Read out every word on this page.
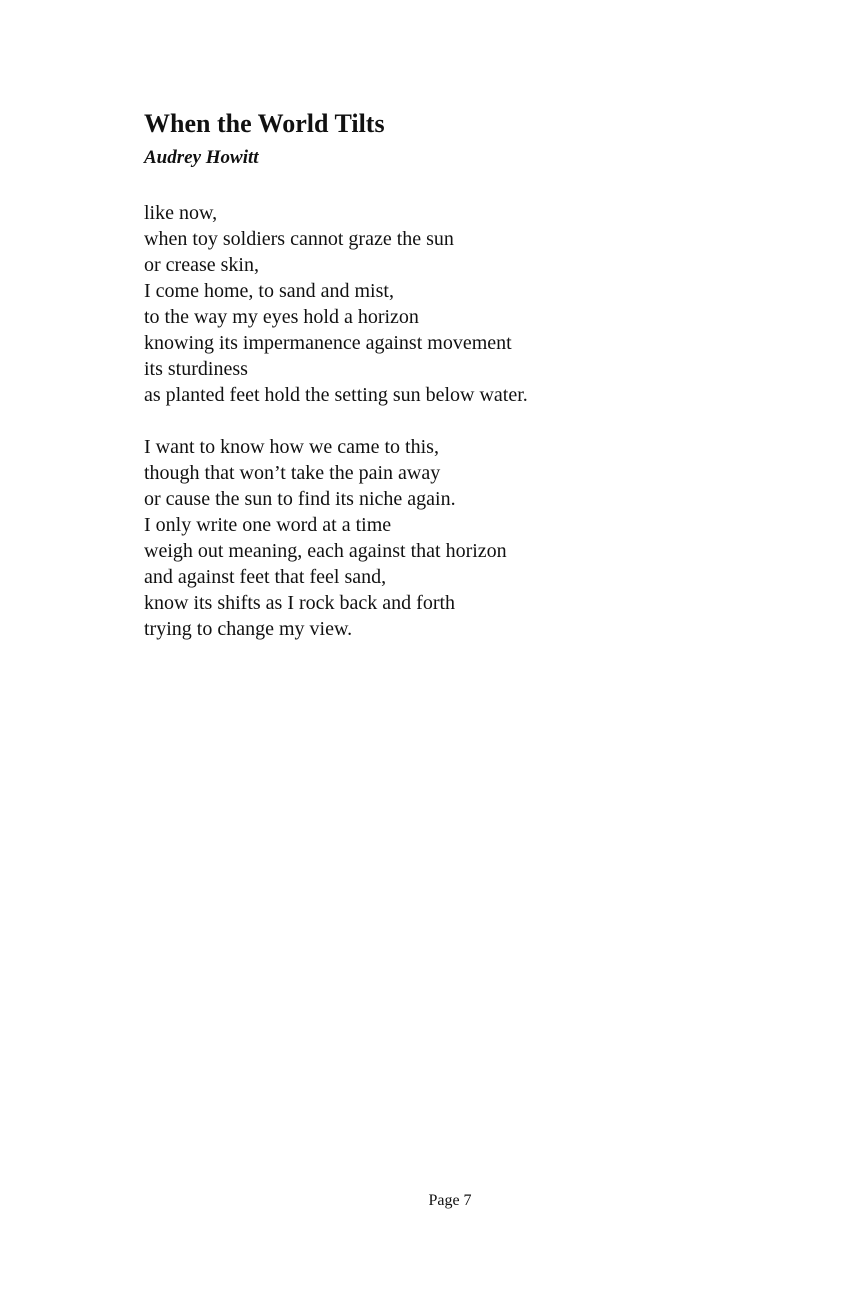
When the World Tilts

Audrey Howitt

like now,
when toy soldiers cannot graze the sun
or crease skin,
I come home, to sand and mist,
to the way my eyes hold a horizon
knowing its impermanence against movement
its sturdiness
as planted feet hold the setting sun below water.

I want to know how we came to this,
though that won’t take the pain away
or cause the sun to find its niche again.
I only write one word at a time
weigh out meaning, each against that horizon
and against feet that feel sand,
know its shifts as I rock back and forth
trying to change my view.

Page 7
